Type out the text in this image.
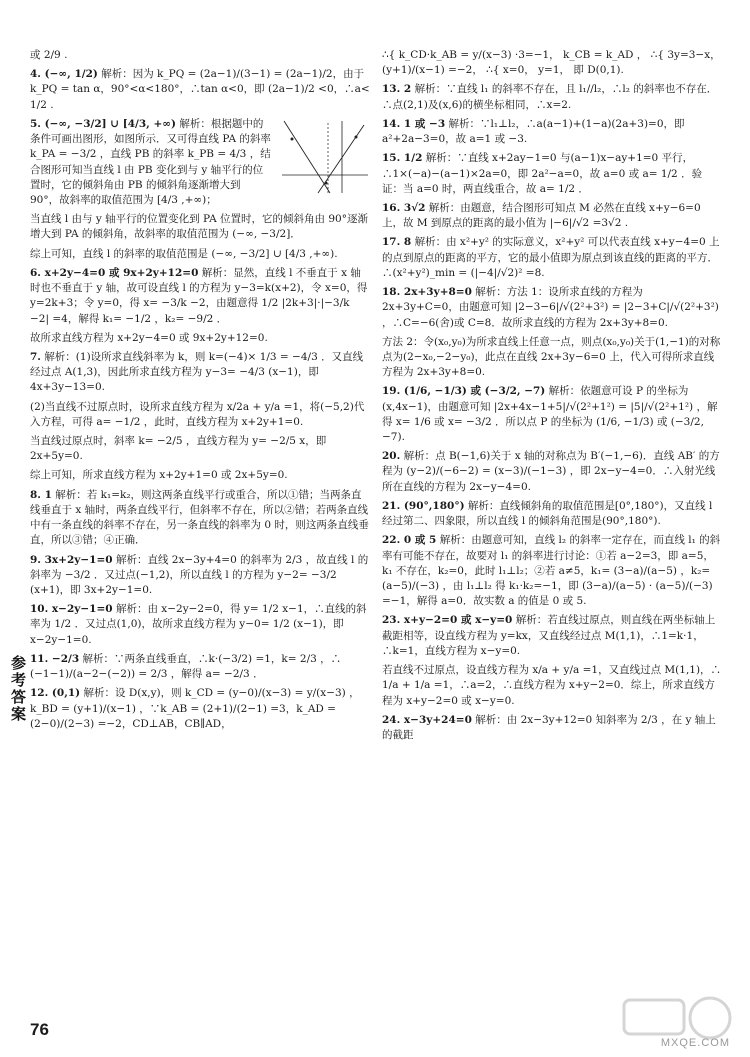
或 2/9 .

4. (−∞, 1/2) 解析：因为 k_PQ = (2a−1)/(3−1) = (2a−1)/2，由于 k_PQ = tan α，90°<α<180°，∴tan α<0，即 (2a−1)/2 <0，∴a< 1/2 .

5. (−∞, −3/2] ∪ [4/3, +∞) 解析：根据题中的条件可画出图形，如图所示．又可得直线 PA 的斜率 k_PA = −3/2 ，直线 PB 的斜率 k_PB = 4/3 ，结合图形可知当直线 l 由 PB 变化到与 y 轴平行的位置时，它的倾斜角由 PB 的倾斜角逐渐增大到 90°，故斜率的取值范围为 [4/3 ,+∞)；

当直线 l 由与 y 轴平行的位置变化到 PA 位置时，它的倾斜角由 90°逐渐增大到 PA 的倾斜角，故斜率的取值范围为 (−∞, −3/2]．

综上可知，直线 l 的斜率的取值范围是 (−∞, −3/2] ∪ [4/3 ,+∞).

6. x+2y−4=0 或 9x+2y+12=0 解析：显然，直线 l 不垂直于 x 轴时也不垂直于 y 轴，故可设直线 l 的方程为 y−3=k(x+2)，令 x=0，得 y=2k+3；令 y=0，得 x= −3/k −2，由题意得 1/2 |2k+3|·|−3/k −2| =4，解得 k₁= −1/2 ，k₂= −9/2 ．

故所求直线方程为 x+2y−4=0 或 9x+2y+12=0.

7. 解析：(1)设所求直线斜率为 k，则 k=(−4)× 1/3 = −4/3 ．又直线经过点 A(1,3)，因此所求直线方程为 y−3= −4/3 (x−1)，即 4x+3y−13=0.

(2)当直线不过原点时，设所求直线方程为 x/2a + y/a =1，将(−5,2)代入方程，可得 a= −1/2 ，此时，直线方程为 x+2y+1=0.

当直线过原点时，斜率 k= −2/5 ，直线方程为 y= −2/5 x，即 2x+5y=0.

综上可知，所求直线方程为 x+2y+1=0 或 2x+5y=0.

8. 1 解析：若 k₁=k₂，则这两条直线平行或重合，所以①错；当两条直线垂直于 x 轴时，两条直线平行，但斜率不存在，所以②错；若两条直线中有一条直线的斜率不存在，另一条直线的斜率为 0 时，则这两条直线垂直，所以③错；④正确．

9. 3x+2y−1=0 解析：直线 2x−3y+4=0 的斜率为 2/3 ，故直线 l 的斜率为 −3/2 ．又过点(−1,2)，所以直线 l 的方程为 y−2= −3/2 (x+1)，即 3x+2y−1=0.

10. x−2y−1=0 解析：由 x−2y−2=0，得 y= 1/2 x−1，∴直线的斜率为 1/2 ．又过点(1,0)，故所求直线方程为 y−0= 1/2 (x−1)，即 x−2y−1=0.

11. −2/3 解析：∵两条直线垂直，∴k·(−3/2) =1，k= 2/3 ，∴ (−1−1)/(a−2−(−2)) = 2/3 ，解得 a= −2/3 ．

12. (0,1) 解析：设 D(x,y)，则 k_CD = (y−0)/(x−3) = y/(x−3) ，k_BD = (y+1)/(x−1) ，∵k_AB = (2+1)/(2−1) =3，k_AD = (2−0)/(2−3) =−2，CD⊥AB，CB∥AD，

∴{ k_CD·k_AB = y/(x−3) ·3=−1， k_CB = k_AD ， ∴{ 3y=3−x， (y+1)/(x−1) =−2， ∴{ x=0， y=1， 即 D(0,1).

13. 2 解析：∵直线 l₁ 的斜率不存在，且 l₁//l₂，∴l₂ 的斜率也不存在．∴点(2,1)及(x,6)的横坐标相同，∴x=2.

14. 1 或 −3 解析：∵l₁⊥l₂，∴a(a−1)+(1−a)(2a+3)=0，即 a²+2a−3=0，故 a=1 或 −3.

15. 1/2 解析：∵直线 x+2ay−1=0 与(a−1)x−ay+1=0 平行，∴1×(−a)−(a−1)×2a=0，即 2a²−a=0，故 a=0 或 a= 1/2 ．验证：当 a=0 时，两直线重合，故 a= 1/2 ．

16. 3√2 解析：由题意，结合图形可知点 M 必然在直线 x+y−6=0 上，故 M 到原点的距离的最小值为 |−6|/√2 =3√2 .

17. 8 解析：由 x²+y² 的实际意义，x²+y² 可以代表直线 x+y−4=0 上的点到原点的距离的平方，它的最小值即为原点到该直线的距离的平方．∴(x²+y²)_min = (|−4|/√2)² =8.

18. 2x+3y+8=0 解析：方法 1：设所求直线的方程为 2x+3y+C=0，由题意可知 |2−3−6|/√(2²+3²) = |2−3+C|/√(2²+3²) ，∴C=−6(舍)或 C=8．故所求直线的方程为 2x+3y+8=0.

方法 2：令(x₀,y₀)为所求直线上任意一点，则点(x₀,y₀)关于(1,−1)的对称点为(2−x₀,−2−y₀)，此点在直线 2x+3y−6=0 上，代入可得所求直线方程为 2x+3y+8=0.

19. (1/6, −1/3) 或 (−3/2, −7) 解析：依题意可设 P 的坐标为(x,4x−1)，由题意可知 |2x+4x−1+5|/√(2²+1²) = |5|/√(2²+1²) ，解得 x= 1/6 或 x= −3/2 ．所以点 P 的坐标为 (1/6, −1/3) 或 (−3/2, −7).

20. 解析：点 B(−1,6)关于 x 轴的对称点为 B′(−1,−6)．直线 AB′ 的方程为 (y−2)/(−6−2) = (x−3)/(−1−3) ，即 2x−y−4=0．∴入射光线所在直线的方程为 2x−y−4=0.

21. (90°,180°) 解析：直线倾斜角的取值范围是[0°,180°)，又直线 l 经过第二、四象限，所以直线 l 的倾斜角范围是(90°,180°).

22. 0 或 5 解析：由题意可知，直线 l₂ 的斜率一定存在，而直线 l₁ 的斜率有可能不存在，故要对 l₁ 的斜率进行讨论：①若 a−2=3，即 a=5，k₁ 不存在，k₂=0，此时 l₁⊥l₂；②若 a≠5，k₁= (3−a)/(a−5) ，k₂= (a−5)/(−3) ，由 l₁⊥l₂ 得 k₁·k₂=−1，即 (3−a)/(a−5) · (a−5)/(−3) =−1，解得 a=0．故实数 a 的值是 0 或 5.

23. x+y−2=0 或 x−y=0 解析：若直线过原点，则直线在两坐标轴上截距相等，设直线方程为 y=kx，又直线经过点 M(1,1)，∴1=k·1，∴k=1，直线方程为 x−y=0.

若直线不过原点，设直线方程为 x/a + y/a =1，又直线过点 M(1,1)，∴ 1/a + 1/a =1，∴a=2，∴直线方程为 x+y−2=0．综上，所求直线方程为 x+y−2=0 或 x−y=0.

24. x−3y+24=0 解析：由 2x−3y+12=0 知斜率为 2/3 ，在 y 轴上的截距

参考答案
76
MXQE.COM
